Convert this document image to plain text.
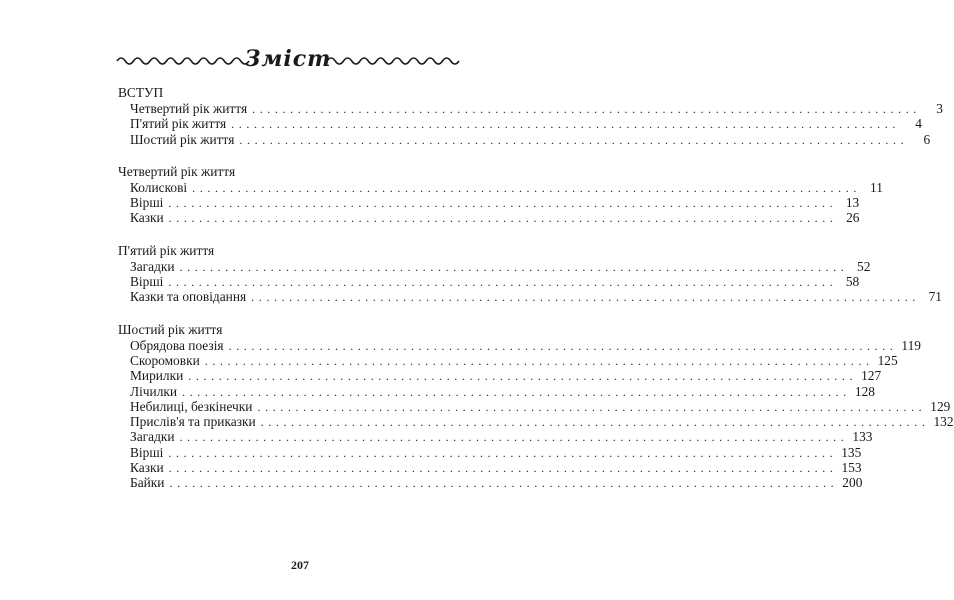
Зміст
ВСТУП
Четвертий рік життя ........................................................................................	3
П'ятий рік життя ........................................................................................	4
Шостий рік життя ........................................................................................	6
Четвертий рік життя
Колискові ........................................................................................ 11
Вірші ........................................................................................ 13
Казки ........................................................................................ 26
П'ятий рік життя
Загадки ........................................................................................ 52
Вірші ........................................................................................ 58
Казки та оповідання ........................................................................................ 71
Шостий рік життя
Обрядова поезія ........................................................................................ 119
Скоромовки ........................................................................................ 125
Мирилки ........................................................................................ 127
Лічилки ........................................................................................ 128
Небилиці, безкінечки ........................................................................................ 129
Прислів'я та приказки ........................................................................................ 132
Загадки ........................................................................................ 133
Вірші ........................................................................................ 135
Казки ........................................................................................ 153
Байки ........................................................................................ 200
207
